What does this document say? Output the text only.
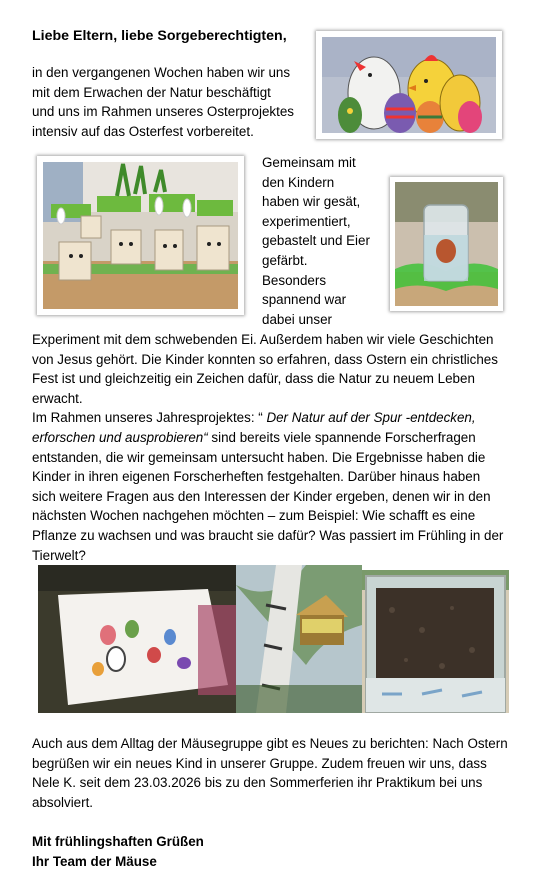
Liebe Eltern, liebe Sorgeberechtigten,
in den vergangenen Wochen haben wir uns
mit dem Erwachen der Natur beschäftigt
und uns im Rahmen unseres Osterprojektes
intensiv auf das Osterfest vorbereitet.
Gemeinsam mit
den Kindern
haben wir gesät,
experimentiert,
gebastelt und Eier
gefärbt.
Besonders
spannend war
dabei unser
Experiment mit dem schwebenden Ei. Außerdem haben wir viele Geschichten
von Jesus gehört. Die Kinder konnten so erfahren, dass Ostern ein christliches
Fest ist und gleichzeitig ein Zeichen dafür, dass die Natur zu neuem Leben
erwacht.
Im Rahmen unseres Jahresprojektes: “ Der Natur auf der Spur -entdecken,
erforschen und ausprobieren“ sind bereits viele spannende Forscherfragen
entstanden, die wir gemeinsam untersucht haben. Die Ergebnisse haben die
Kinder in ihren eigenen Forscherheften festgehalten. Darüber hinaus haben
sich weitere Fragen aus den Interessen der Kinder ergeben, denen wir in den
nächsten Wochen nachgehen möchten – zum Beispiel: Wie schafft es eine
Pflanze zu wachsen und was braucht sie dafür? Was passiert im Frühling in der
Tierwelt?
Auch aus dem Alltag der Mäusegruppe gibt es Neues zu berichten: Nach Ostern
begrüßen wir ein neues Kind in unserer Gruppe. Zudem freuen wir uns, dass
Nele K. seit dem 23.03.2026 bis zu den Sommerferien ihr Praktikum bei uns
absolviert.
Mit frühlingshaften Grüßen
Ihr Team der Mäuse
